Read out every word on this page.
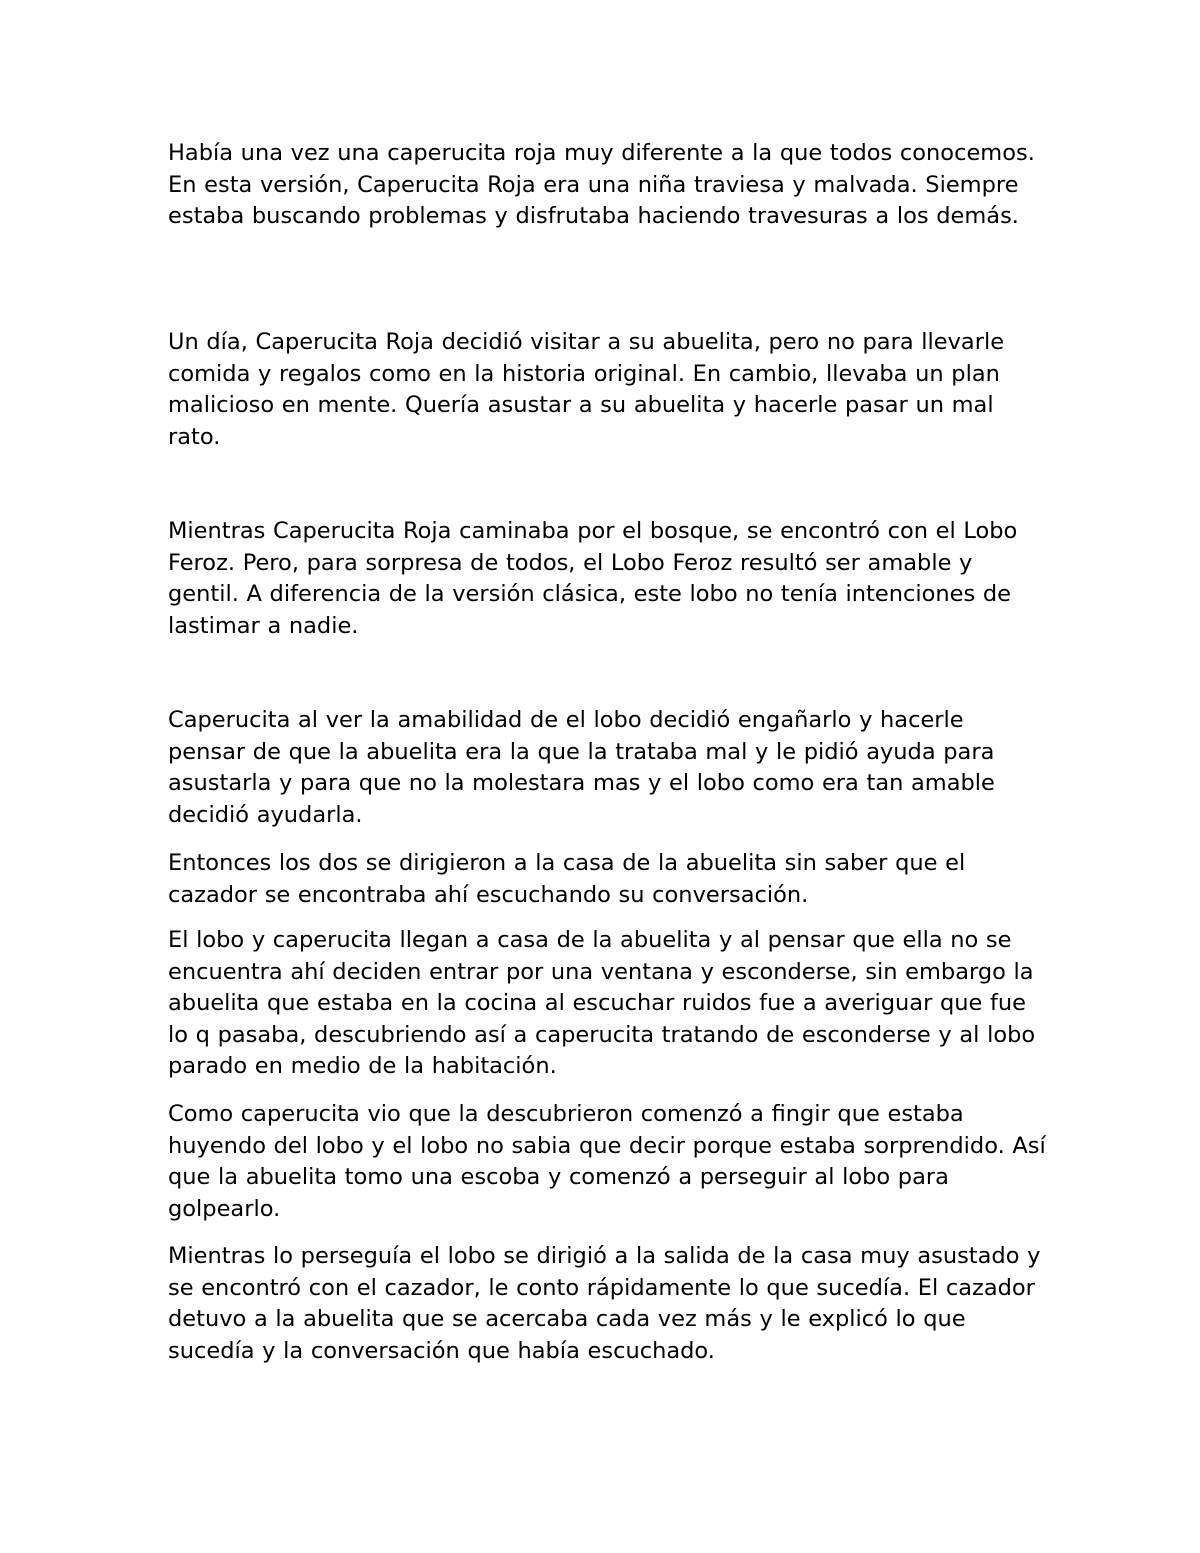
Había una vez una caperucita roja muy diferente a la que todos conocemos. En esta versión, Caperucita Roja era una niña traviesa y malvada. Siempre estaba buscando problemas y disfrutaba haciendo travesuras a los demás.

Un día, Caperucita Roja decidió visitar a su abuelita, pero no para llevarle comida y regalos como en la historia original. En cambio, llevaba un plan malicioso en mente. Quería asustar a su abuelita y hacerle pasar un mal rato.

Mientras Caperucita Roja caminaba por el bosque, se encontró con el Lobo Feroz. Pero, para sorpresa de todos, el Lobo Feroz resultó ser amable y gentil. A diferencia de la versión clásica, este lobo no tenía intenciones de lastimar a nadie.

Caperucita al ver la amabilidad de el lobo decidió engañarlo y hacerle pensar de que la abuelita era la que la trataba mal y le pidió ayuda para asustarla y para que no la molestara mas y el lobo como era tan amable decidió ayudarla.

Entonces los dos se dirigieron a la casa de la abuelita sin saber que el cazador se encontraba ahí escuchando su conversación.

El lobo y caperucita llegan a casa de la abuelita y al pensar que ella no se encuentra ahí deciden entrar por una ventana y esconderse, sin embargo la abuelita que estaba en la cocina al escuchar ruidos fue a averiguar que fue lo q pasaba, descubriendo así a caperucita tratando de esconderse y al lobo parado en medio de la habitación.

Como caperucita vio que la descubrieron comenzó a fingir que estaba huyendo del lobo y el lobo no sabia que decir porque estaba sorprendido. Así que la abuelita tomo una escoba y comenzó a perseguir al lobo para golpearlo.

Mientras lo perseguía el lobo se dirigió a la salida de la casa muy asustado y se encontró con el cazador, le conto rápidamente lo que sucedía. El cazador detuvo a la abuelita que se acercaba cada vez más y le explicó lo que sucedía y la conversación que había escuchado.
